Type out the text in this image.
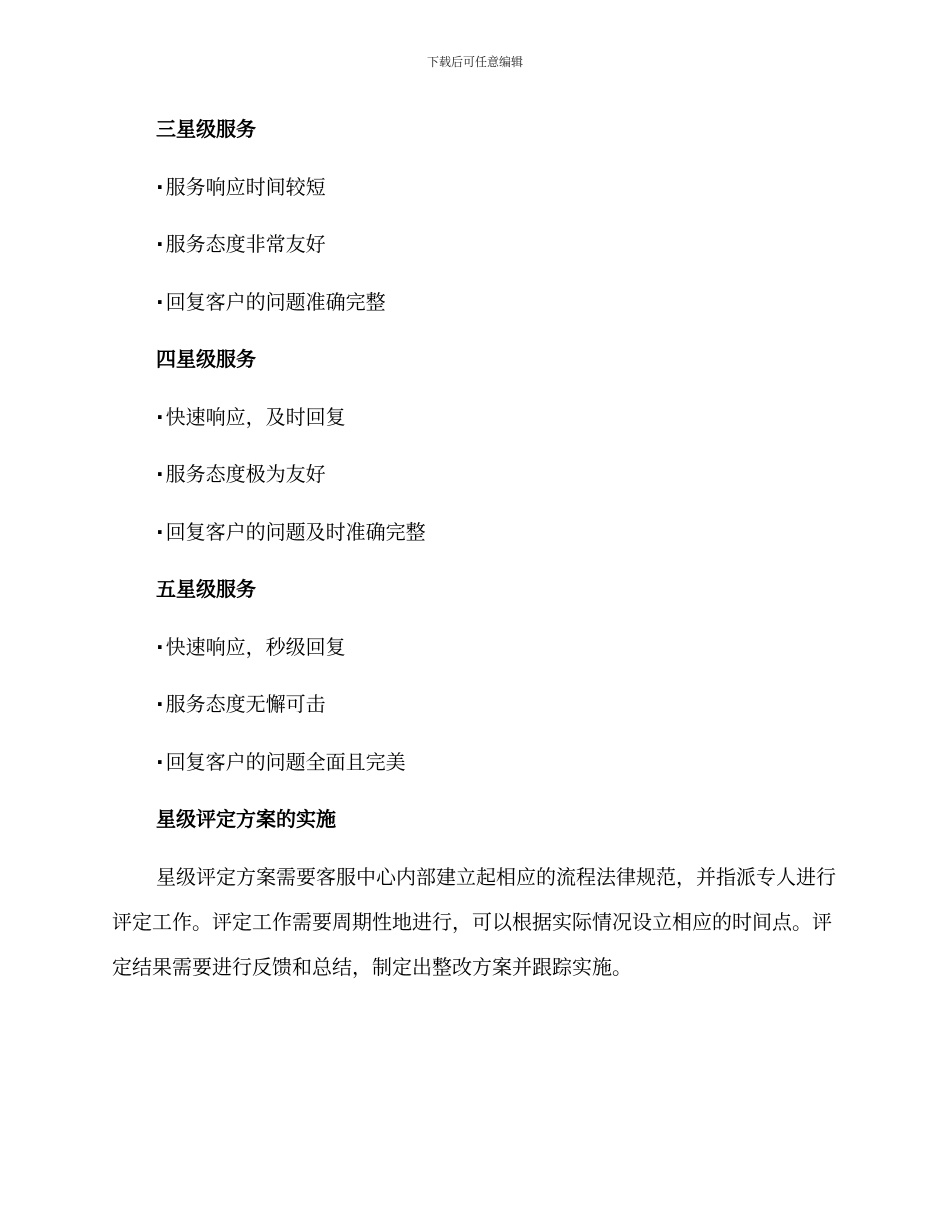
下载后可任意编辑
三星级服务
· 服务响应时间较短
· 服务态度非常友好
· 回复客户的问题准确完整
四星级服务
· 快速响应，及时回复
· 服务态度极为友好
· 回复客户的问题及时准确完整
五星级服务
· 快速响应，秒级回复
· 服务态度无懈可击
· 回复客户的问题全面且完美
星级评定方案的实施

星级评定方案需要客服中心内部建立起相应的流程法律规范，并指派专人进行评定工作。评定工作需要周期性地进行，可以根据实际情况设立相应的时间点。评定结果需要进行反馈和总结，制定出整改方案并跟踪实施。
